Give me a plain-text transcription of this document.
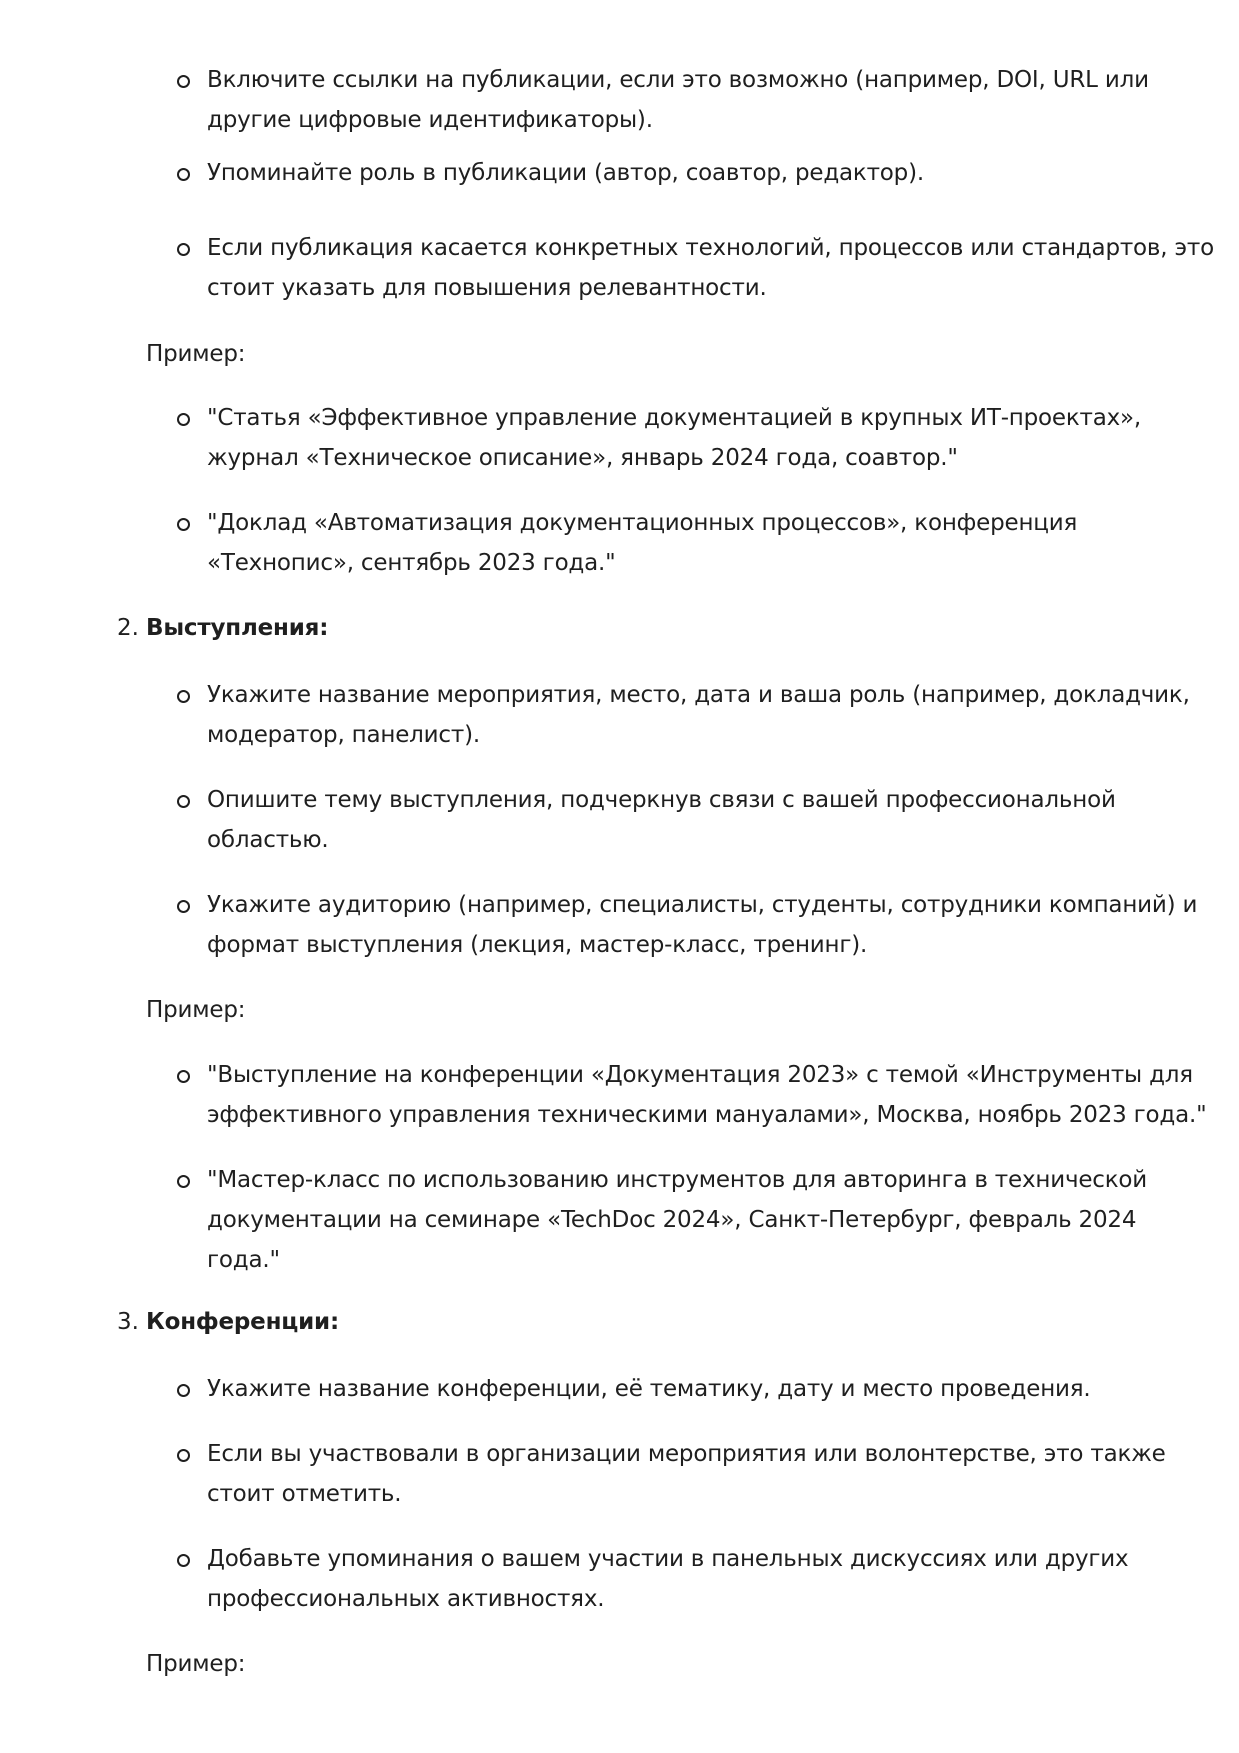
Включите ссылки на публикации, если это возможно (например, DOI, URL или
другие цифровые идентификаторы).
Упоминайте роль в публикации (автор, соавтор, редактор).
Если публикация касается конкретных технологий, процессов или стандартов, это
стоит указать для повышения релевантности.
Пример:
"Статья «Эффективное управление документацией в крупных ИТ-проектах»,
журнал «Техническое описание», январь 2024 года, соавтор."
"Доклад «Автоматизация документационных процессов», конференция
«Технопис», сентябрь 2023 года."
2. Выступления:
Укажите название мероприятия, место, дата и ваша роль (например, докладчик,
модератор, панелист).
Опишите тему выступления, подчеркнув связи с вашей профессиональной
областью.
Укажите аудиторию (например, специалисты, студенты, сотрудники компаний) и
формат выступления (лекция, мастер-класс, тренинг).
Пример:
"Выступление на конференции «Документация 2023» с темой «Инструменты для
эффективного управления техническими мануалами», Москва, ноябрь 2023 года."
"Мастер-класс по использованию инструментов для авторинга в технической
документации на семинаре «TechDoc 2024», Санкт-Петербург, февраль 2024
года."
3. Конференции:
Укажите название конференции, её тематику, дату и место проведения.
Если вы участвовали в организации мероприятия или волонтерстве, это также
стоит отметить.
Добавьте упоминания о вашем участии в панельных дискуссиях или других
профессиональных активностях.
Пример:
